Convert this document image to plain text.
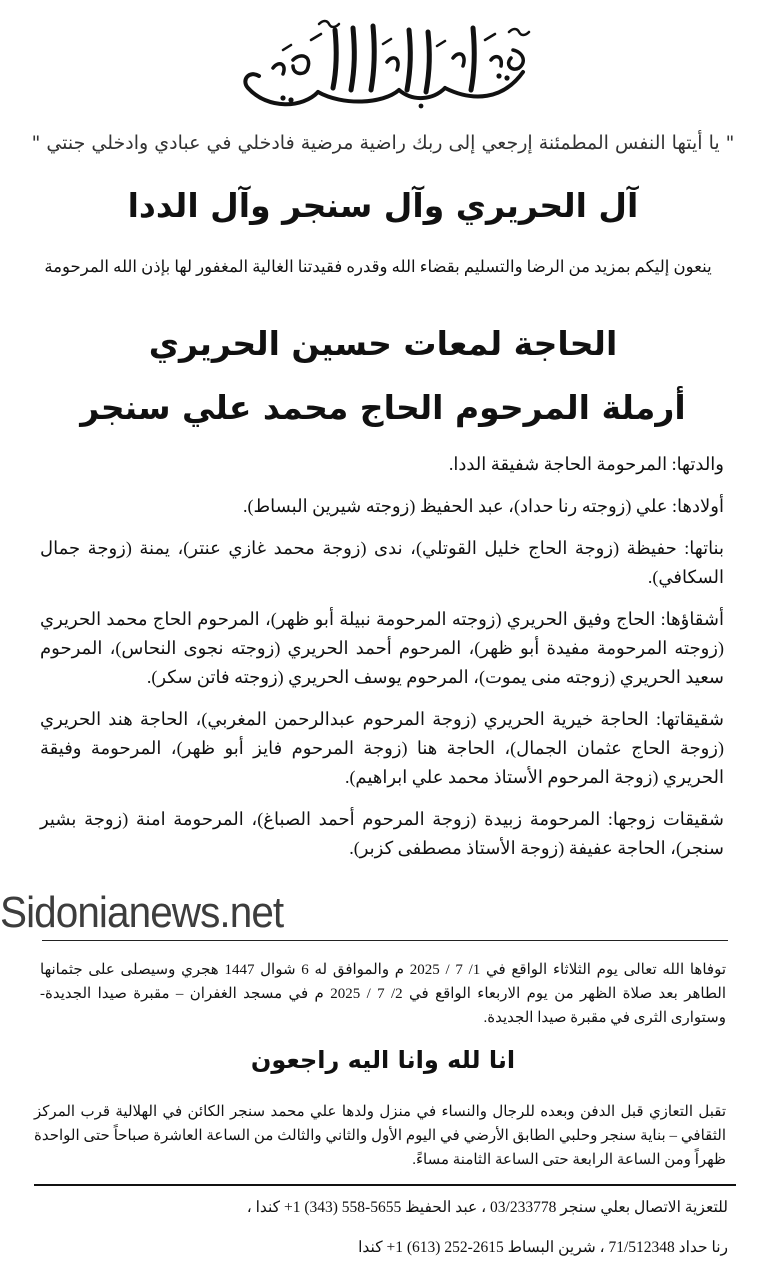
" يا أيتها النفس المطمئنة إرجعي إلى ربك راضية مرضية فادخلي في عبادي وادخلي جنتي "
آل الحريري وآل سنجر وآل الددا
ينعون إليكم بمزيد من الرضا والتسليم بقضاء الله وقدره فقيدتنا الغالية المغفور لها بإذن الله المرحومة
الحاجة لمعات حسين الحريري
أرملة المرحوم الحاج محمد علي سنجر

والدتها: المرحومة الحاجة شفيقة الددا.

أولادها: علي (زوجته رنا حداد)، عبد الحفيظ (زوجته شيرين البساط).

بناتها: حفيظة (زوجة الحاج خليل القوتلي)، ندى (زوجة محمد غازي عنتر)، يمنة (زوجة جمال السكافي).

أشقاؤها: الحاج وفيق الحريري (زوجته المرحومة نبيلة أبو ظهر)، المرحوم الحاج محمد الحريري (زوجته المرحومة مفيدة أبو ظهر)، المرحوم أحمد الحريري (زوجته نجوى النحاس)، المرحوم سعيد الحريري (زوجته منى يموت)، المرحوم يوسف الحريري (زوجته فاتن سكر).

شقيقاتها: الحاجة خيرية الحريري (زوجة المرحوم عبدالرحمن المغربي)، الحاجة هند الحريري (زوجة الحاج عثمان الجمال)، الحاجة هنا (زوجة المرحوم فايز أبو ظهر)، المرحومة وفيقة الحريري (زوجة المرحوم الأستاذ محمد علي ابراهيم).

شقيقات زوجها: المرحومة زبيدة (زوجة المرحوم أحمد الصباغ)، المرحومة امنة (زوجة بشير سنجر)، الحاجة عفيفة (زوجة الأستاذ مصطفى كزبر).

Sidonianews.net

توفاها الله تعالى يوم الثلاثاء الواقع في 1/ 7 / 2025 م والموافق له 6 شوال 1447 هجري وسيصلى على جثمانها الطاهر بعد صلاة الظهر من يوم الاربعاء الواقع في 2/ 7 / 2025 م في مسجد الغفران – مقبرة صيدا الجديدة- وستوارى الثرى في مقبرة صيدا الجديدة.

انا لله وانا اليه راجعون

تقبل التعازي قبل الدفن وبعده للرجال والنساء في منزل ولدها علي محمد سنجر الكائن في الهلالية قرب المركز الثقافي – بناية سنجر وحلبي الطابق الأرضي في اليوم الأول والثاني والثالث من الساعة العاشرة صباحاً حتى الواحدة ظهراً ومن الساعة الرابعة حتى الساعة الثامنة مساءً.

للتعزية الاتصال بعلي سنجر 03/233778 ، عبد الحفيظ 5655-558 (343) 1+ كندا ،
رنا حداد 71/512348 ، شرين البساط 2615-252 (613) 1+ كندا
